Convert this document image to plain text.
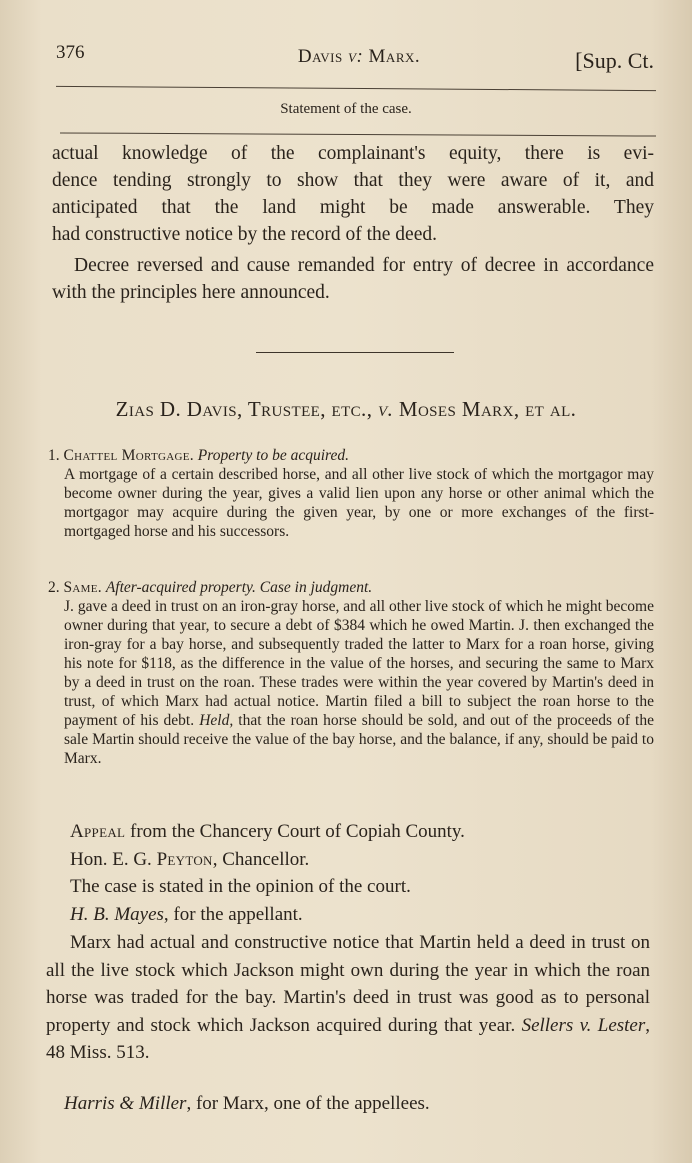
376	Davis v: Marx.	[Sup. Ct.
Statement of the case.
actual knowledge of the complainant's equity, there is evi-
dence tending strongly to show that they were aware of it, and
anticipated that the land might be made answerable. They
had constructive notice by the record of the deed.
Decree reversed and cause remanded for entry of decree in accordance with the principles here announced.
Zias D. Davis, Trustee, etc., v. Moses Marx, et al.
1. Chattel Mortgage. Property to be acquired.
A mortgage of a certain described horse, and all other live stock of which the mortgagor may become owner during the year, gives a valid lien upon any horse or other animal which the mortgagor may acquire during the given year, by one or more exchanges of the first-mortgaged horse and his successors.
2. Same. After-acquired property. Case in judgment.
J. gave a deed in trust on an iron-gray horse, and all other live stock of which he might become owner during that year, to secure a debt of $384 which he owed Martin. J. then exchanged the iron-gray for a bay horse, and subsequently traded the latter to Marx for a roan horse, giving his note for $118, as the difference in the value of the horses, and securing the same to Marx by a deed in trust on the roan. These trades were within the year covered by Martin's deed in trust, of which Marx had actual notice. Martin filed a bill to subject the roan horse to the payment of his debt. Held, that the roan horse should be sold, and out of the proceeds of the sale Martin should receive the value of the bay horse, and the balance, if any, should be paid to Marx.
Appeal from the Chancery Court of Copiah County.
Hon. E. G. Peyton, Chancellor.
The case is stated in the opinion of the court.
H. B. Mayes, for the appellant.
Marx had actual and constructive notice that Martin held a deed in trust on all the live stock which Jackson might own during the year in which the roan horse was traded for the bay. Martin's deed in trust was good as to personal property and stock which Jackson acquired during that year. Sellers v. Lester, 48 Miss. 513.
Harris & Miller, for Marx, one of the appellees.
